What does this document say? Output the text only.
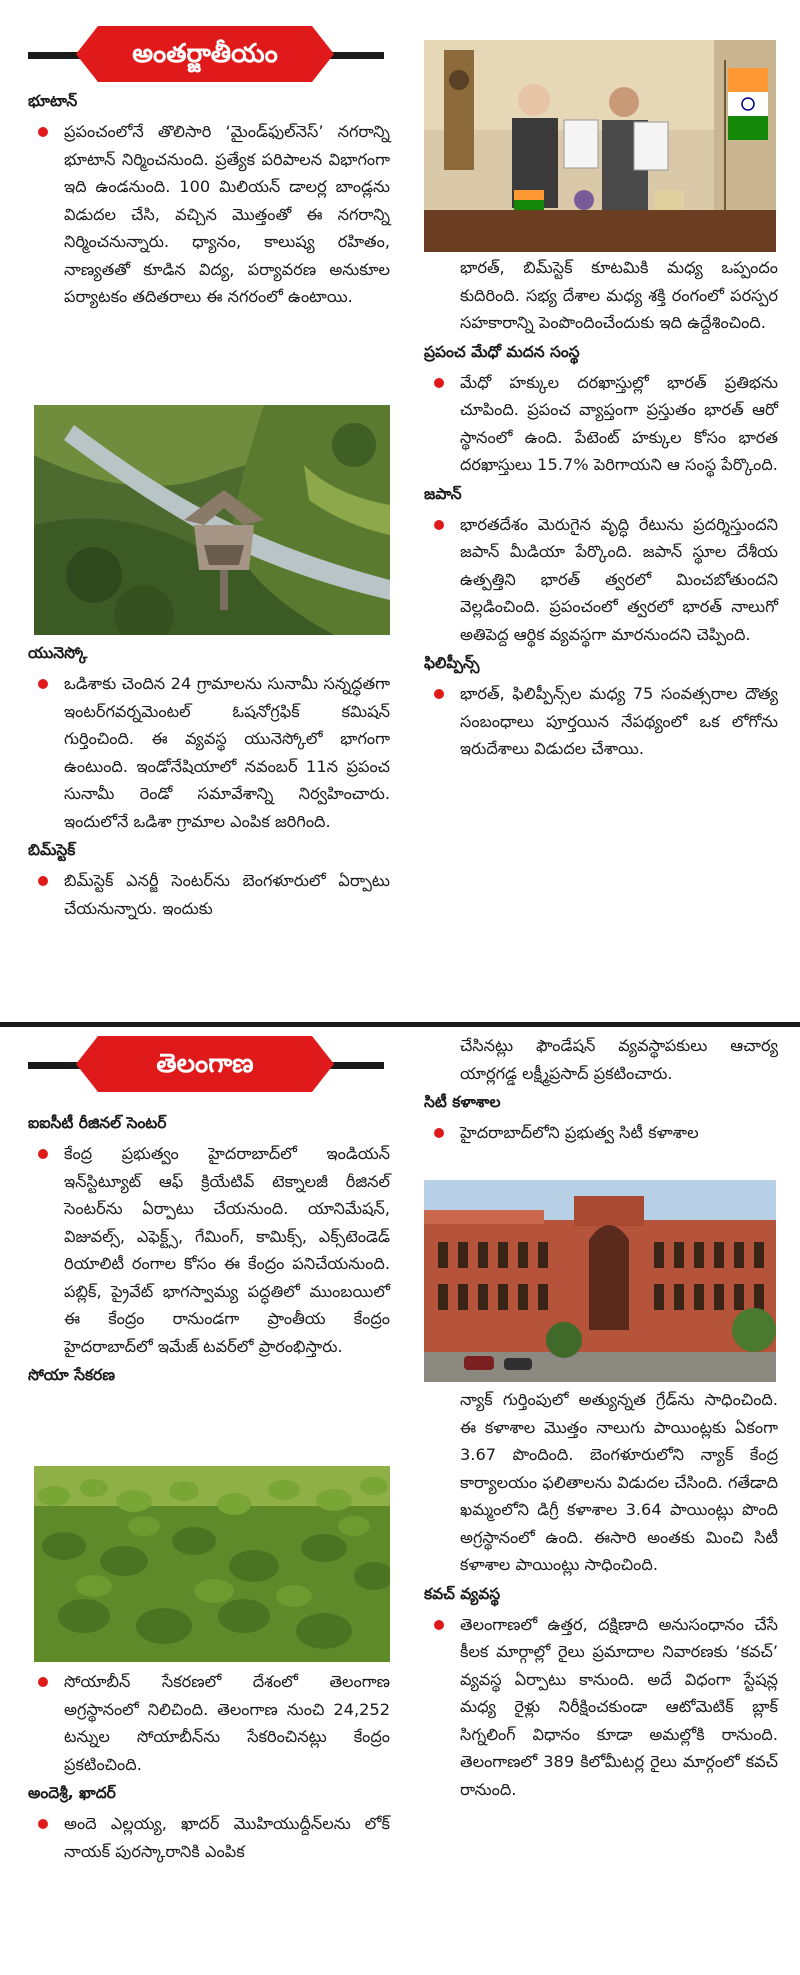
అంతర్జాతీయం
భూటాన్
ప్రపంచంలోనే తొలిసారి ‘మైండ్‌ఫుల్‌నెస్’ నగరాన్ని భూటాన్ నిర్మించనుంది. ప్రత్యేక పరిపాలన విభాగంగా ఇది ఉండనుంది. 100 మిలియన్ డాలర్ల బాండ్లను విడుదల చేసి, వచ్చిన మొత్తంతో ఈ నగరాన్ని నిర్మించనున్నారు. ధ్యానం, కాలుష్య రహితం, నాణ్యతతో కూడిన విద్య, పర్యావరణ అనుకూల పర్యాటకం తదితరాలు ఈ నగరంలో ఉంటాయి.
యునెస్కో
ఒడిశాకు చెందిన 24 గ్రామాలను సునామీ సన్నద్ధతగా ఇంటర్‌గవర్నమెంటల్ ఓషనోగ్రఫిక్ కమిషన్ గుర్తించింది. ఈ వ్యవస్థ యునెస్కోలో భాగంగా ఉంటుంది. ఇండోనేషియాలో నవంబర్ 11న ప్రపంచ సునామీ రెండో సమావేశాన్ని నిర్వహించారు. ఇందులోనే ఒడిశా గ్రామాల ఎంపిక జరిగింది.
బిమ్‌స్టెక్
బిమ్‌స్టెక్ ఎనర్జీ సెంటర్‌ను బెంగళూరులో ఏర్పాటు చేయనున్నారు. ఇందుకు
భారత్, బిమ్‌స్టెక్ కూటమికి మధ్య ఒప్పందం కుదిరింది. సభ్య దేశాల మధ్య శక్తి రంగంలో పరస్పర సహకారాన్ని పెంపొందించేందుకు ఇది ఉద్దేశించింది.
ప్రపంచ మేధో మదన సంస్థ
మేధో హక్కుల దరఖాస్తుల్లో భారత్ ప్రతిభను చూపింది. ప్రపంచ వ్యాప్తంగా ప్రస్తుతం భారత్ ఆరో స్థానంలో ఉంది. పేటెంట్ హక్కుల కోసం భారత దరఖాస్తులు 15.7% పెరిగాయని ఆ సంస్థ పేర్కొంది.
జపాన్
భారతదేశం మెరుగైన వృద్ధి రేటును ప్రదర్శిస్తుందని జపాన్ మీడియా పేర్కొంది. జపాన్ స్థూల దేశీయ ఉత్పత్తిని భారత్ త్వరలో మించబోతుందని వెల్లడించింది. ప్రపంచంలో త్వరలో భారత్ నాలుగో అతిపెద్ద ఆర్థిక వ్యవస్థగా మారనుందని చెప్పింది.
ఫిలిప్పీన్స్
భారత్, ఫిలిప్పీన్స్‌ల మధ్య 75 సంవత్సరాల దౌత్య సంబంధాలు పూర్తయిన నేపథ్యంలో ఒక లోగోను ఇరుదేశాలు విడుదల చేశాయి.
తెలంగాణ
ఐఐసీటీ రీజినల్ సెంటర్
కేంద్ర ప్రభుత్వం హైదరాబాద్‌లో ఇండియన్ ఇన్‌స్టిట్యూట్ ఆఫ్ క్రియేటివ్ టెక్నాలజీ రీజినల్ సెంటర్‌ను ఏర్పాటు చేయనుంది. యానిమేషన్, విజువల్స్, ఎఫెక్ట్స్, గేమింగ్, కామిక్స్, ఎక్స్‌టెండెడ్ రియాలిటీ రంగాల కోసం ఈ కేంద్రం పనిచేయనుంది. పబ్లిక్, ప్రైవేట్ భాగస్వామ్య పద్ధతిలో ముంబయిలో ఈ కేంద్రం రానుండగా ప్రాంతీయ కేంద్రం హైదరాబాద్‌లో ఇమేజ్ టవర్‌లో ప్రారంభిస్తారు.
సోయా సేకరణ
సోయాబీన్ సేకరణలో దేశంలో తెలంగాణ అగ్రస్థానంలో నిలిచింది. తెలంగాణ నుంచి 24,252 టన్నుల సోయాబీన్‌ను సేకరించినట్లు కేంద్రం ప్రకటించింది.
అందెశ్రీ, ఖాదర్
అందె ఎల్లయ్య, ఖాదర్ మొహియుద్దీన్‌లను లోక్ నాయక్ పురస్కారానికి ఎంపిక
చేసినట్లు ఫౌండేషన్ వ్యవస్థాపకులు ఆచార్య యార్లగడ్డ లక్ష్మీప్రసాద్ ప్రకటించారు.
సిటీ కళాశాల
హైదరాబాద్‌లోని ప్రభుత్వ సిటీ కళాశాల
న్యాక్ గుర్తింపులో అత్యున్నత గ్రేడ్‌ను సాధించింది. ఈ కళాశాల మొత్తం నాలుగు పాయింట్లకు ఏకంగా 3.67 పొందింది. బెంగళూరులోని న్యాక్ కేంద్ర కార్యాలయం ఫలితాలను విడుదల చేసింది. గతేడాది ఖమ్మంలోని డిగ్రీ కళాశాల 3.64 పాయింట్లు పొంది అగ్రస్థానంలో ఉంది. ఈసారి అంతకు మించి సిటీ కళాశాల పాయింట్లు సాధించింది.
కవచ్ వ్యవస్థ
తెలంగాణలో ఉత్తర, దక్షిణాది అనుసంధానం చేసే కీలక మార్గాల్లో రైలు ప్రమాదాల నివారణకు ‘కవచ్’ వ్యవస్థ ఏర్పాటు కానుంది. అదే విధంగా స్టేషన్ల మధ్య రైళ్లు నిరీక్షించకుండా ఆటోమెటిక్ బ్లాక్ సిగ్నలింగ్ విధానం కూడా అమల్లోకి రానుంది. తెలంగాణలో 389 కిలోమీటర్ల రైలు మార్గంలో కవచ్ రానుంది.
